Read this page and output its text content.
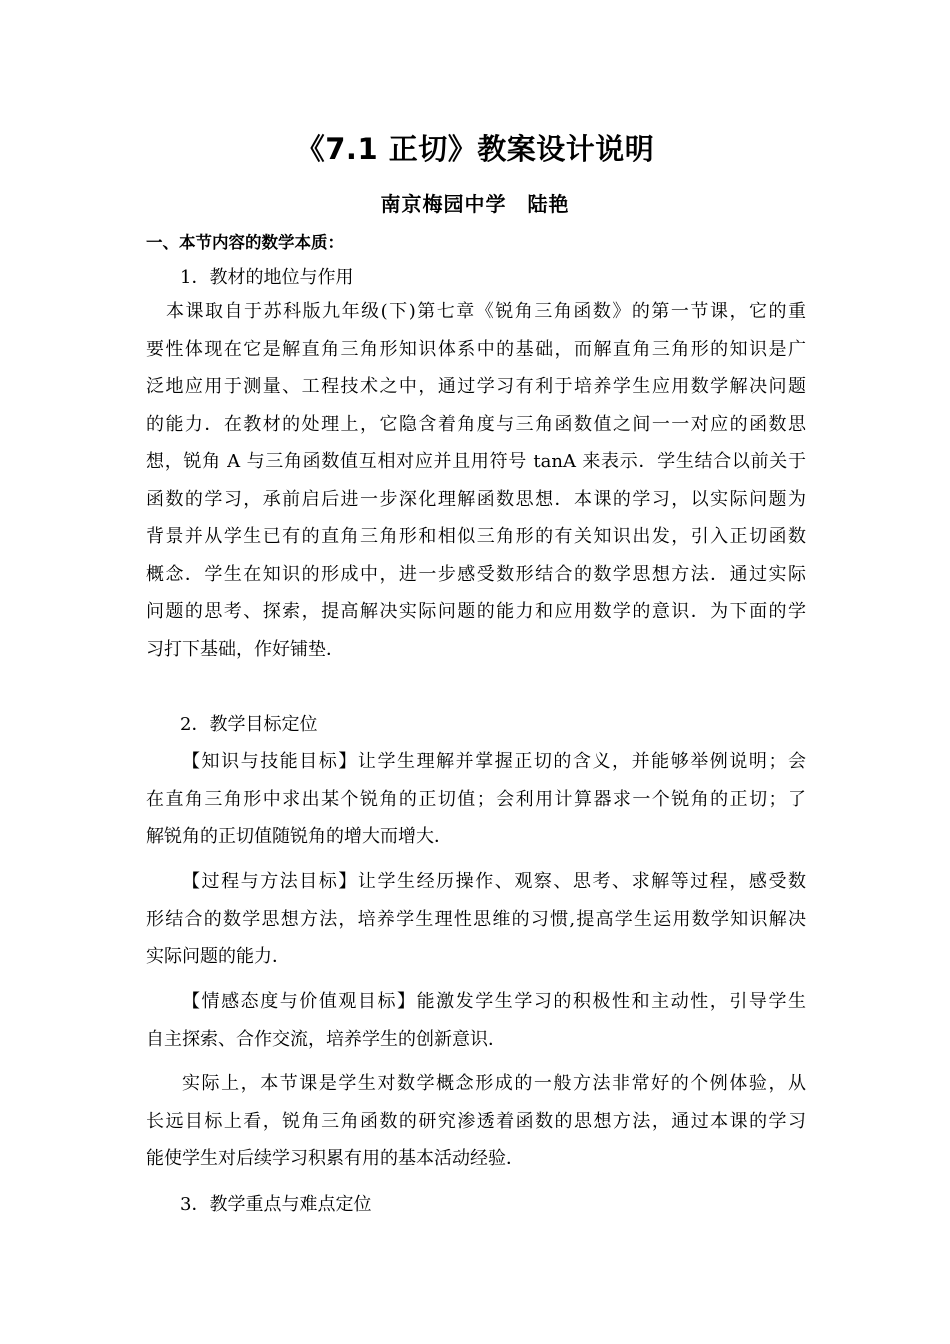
《7.1 正切》教案设计说明
南京梅园中学　陆艳
一、本节内容的数学本质：
1．教材的地位与作用
本课取自于苏科版九年级(下)第七章《锐角三角函数》的第一节课，它的重
要性体现在它是解直角三角形知识体系中的基础，而解直角三角形的知识是广
泛地应用于测量、工程技术之中，通过学习有利于培养学生应用数学解决问题
的能力．在教材的处理上，它隐含着角度与三角函数值之间一一对应的函数思
想，锐角 A 与三角函数值互相对应并且用符号 tanA 来表示．学生结合以前关于
函数的学习，承前启后进一步深化理解函数思想．本课的学习，以实际问题为
背景并从学生已有的直角三角形和相似三角形的有关知识出发，引入正切函数
概念．学生在知识的形成中，进一步感受数形结合的数学思想方法．通过实际
问题的思考、探索，提高解决实际问题的能力和应用数学的意识．为下面的学
习打下基础，作好铺垫．
2．教学目标定位
【知识与技能目标】让学生理解并掌握正切的含义，并能够举例说明；会
在直角三角形中求出某个锐角的正切值；会利用计算器求一个锐角的正切；了
解锐角的正切值随锐角的增大而增大．
【过程与方法目标】让学生经历操作、观察、思考、求解等过程，感受数
形结合的数学思想方法，培养学生理性思维的习惯,提高学生运用数学知识解决
实际问题的能力．
【情感态度与价值观目标】能激发学生学习的积极性和主动性，引导学生
自主探索、合作交流，培养学生的创新意识．
实际上，本节课是学生对数学概念形成的一般方法非常好的个例体验，从
长远目标上看，锐角三角函数的研究渗透着函数的思想方法，通过本课的学习
能使学生对后续学习积累有用的基本活动经验．
3．教学重点与难点定位
